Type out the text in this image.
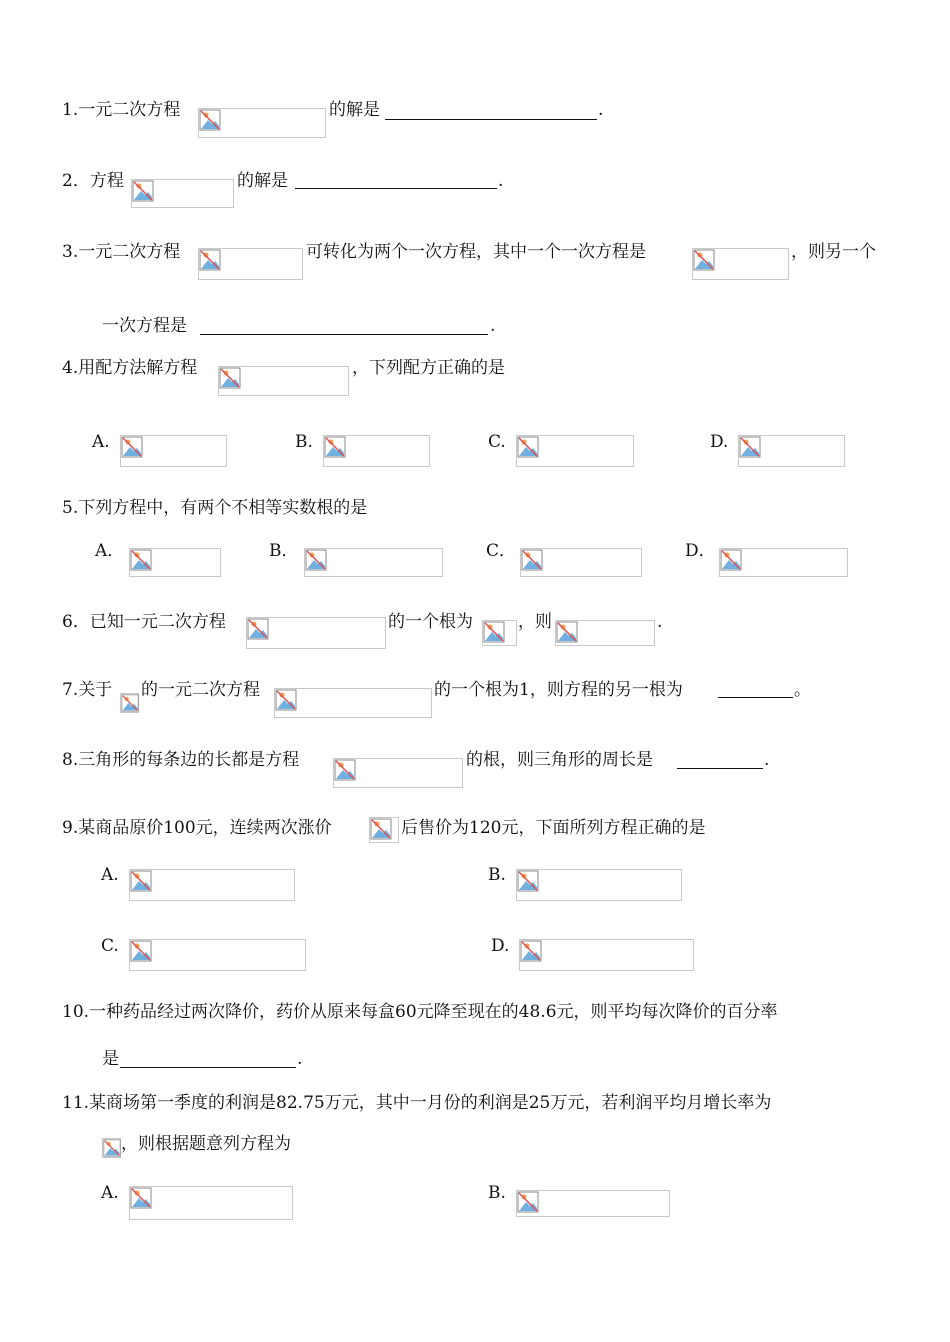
1.一元二次方程	的解是	.
2．方程	的解是	.
3.一元二次方程	可转化为两个一次方程，其中一个一次方程是	，则另一个
一次方程是	.
4.用配方法解方程	，下列配方正确的是
A.	B.	C.	D.
5.下列方程中，有两个不相等实数根的是
A．	B．	C．	D．
6．已知一元二次方程	的一个根为	，则	.
7.关于 的一元二次方程	的一个根为1，则方程的另一根为	。
8.三角形的每条边的长都是方程	的根，则三角形的周长是	.
9.某商品原价100元，连续两次涨价	后售价为120元，下面所列方程正确的是
A.	B.
C.	D.
10.一种药品经过两次降价，药价从原来每盒60元降至现在的48.6元，则平均每次降价的百分率
是	.
11.某商场第一季度的利润是82.75万元，其中一月份的利润是25万元，若利润平均月增长率为
，则根据题意列方程为
A.	B.
